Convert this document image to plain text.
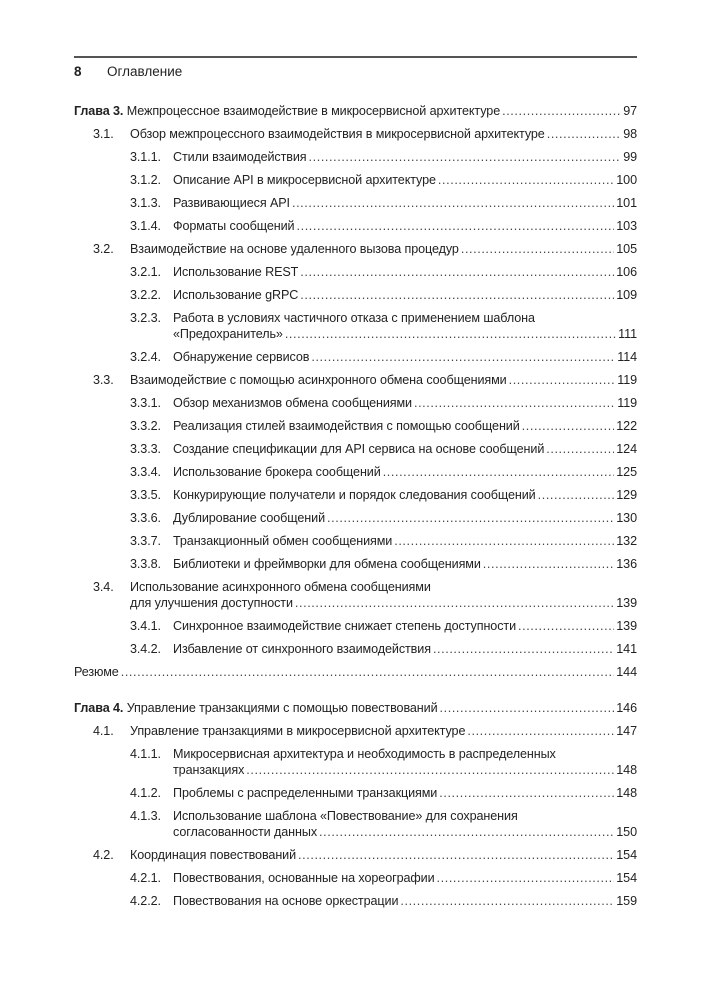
8 Оглавление
Глава 3. Межпроцессное взаимодействие в микросервисной архитектуре .....	97
3.1. Обзор межпроцессного взаимодействия в микросервисной архитектуре .....	98
3.1.1. Стили взаимодействия .....	99
3.1.2. Описание API в микросервисной архитектуре .....	100
3.1.3. Развивающиеся API .....	101
3.1.4. Форматы сообщений .....	103
3.2. Взаимодействие на основе удаленного вызова процедур .....	105
3.2.1. Использование REST .....	106
3.2.2. Использование gRPC .....	109
3.2.3. Работа в условиях частичного отказа с применением шаблона
«Предохранитель» .....	111
3.2.4. Обнаружение сервисов .....	114
3.3. Взаимодействие с помощью асинхронного обмена сообщениями .....	119
3.3.1. Обзор механизмов обмена сообщениями .....	119
3.3.2. Реализация стилей взаимодействия с помощью сообщений .....	122
3.3.3. Создание спецификации для API сервиса на основе сообщений .....	124
3.3.4. Использование брокера сообщений .....	125
3.3.5. Конкурирующие получатели и порядок следования сообщений .....	129
3.3.6. Дублирование сообщений .....	130
3.3.7. Транзакционный обмен сообщениями .....	132
3.3.8. Библиотеки и фреймворки для обмена сообщениями .....	136
3.4. Использование асинхронного обмена сообщениями
для улучшения доступности .....	139
3.4.1. Синхронное взаимодействие снижает степень доступности .....	139
3.4.2. Избавление от синхронного взаимодействия .....	141
Резюме .....	144
Глава 4. Управление транзакциями с помощью повествований .....	146
4.1. Управление транзакциями в микросервисной архитектуре .....	147
4.1.1. Микросервисная архитектура и необходимость в распределенных
транзакциях .....	148
4.1.2. Проблемы с распределенными транзакциями .....	148
4.1.3. Использование шаблона «Повествование» для сохранения
согласованности данных .....	150
4.2. Координация повествований .....	154
4.2.1. Повествования, основанные на хореографии .....	154
4.2.2. Повествования на основе оркестрации .....	159
